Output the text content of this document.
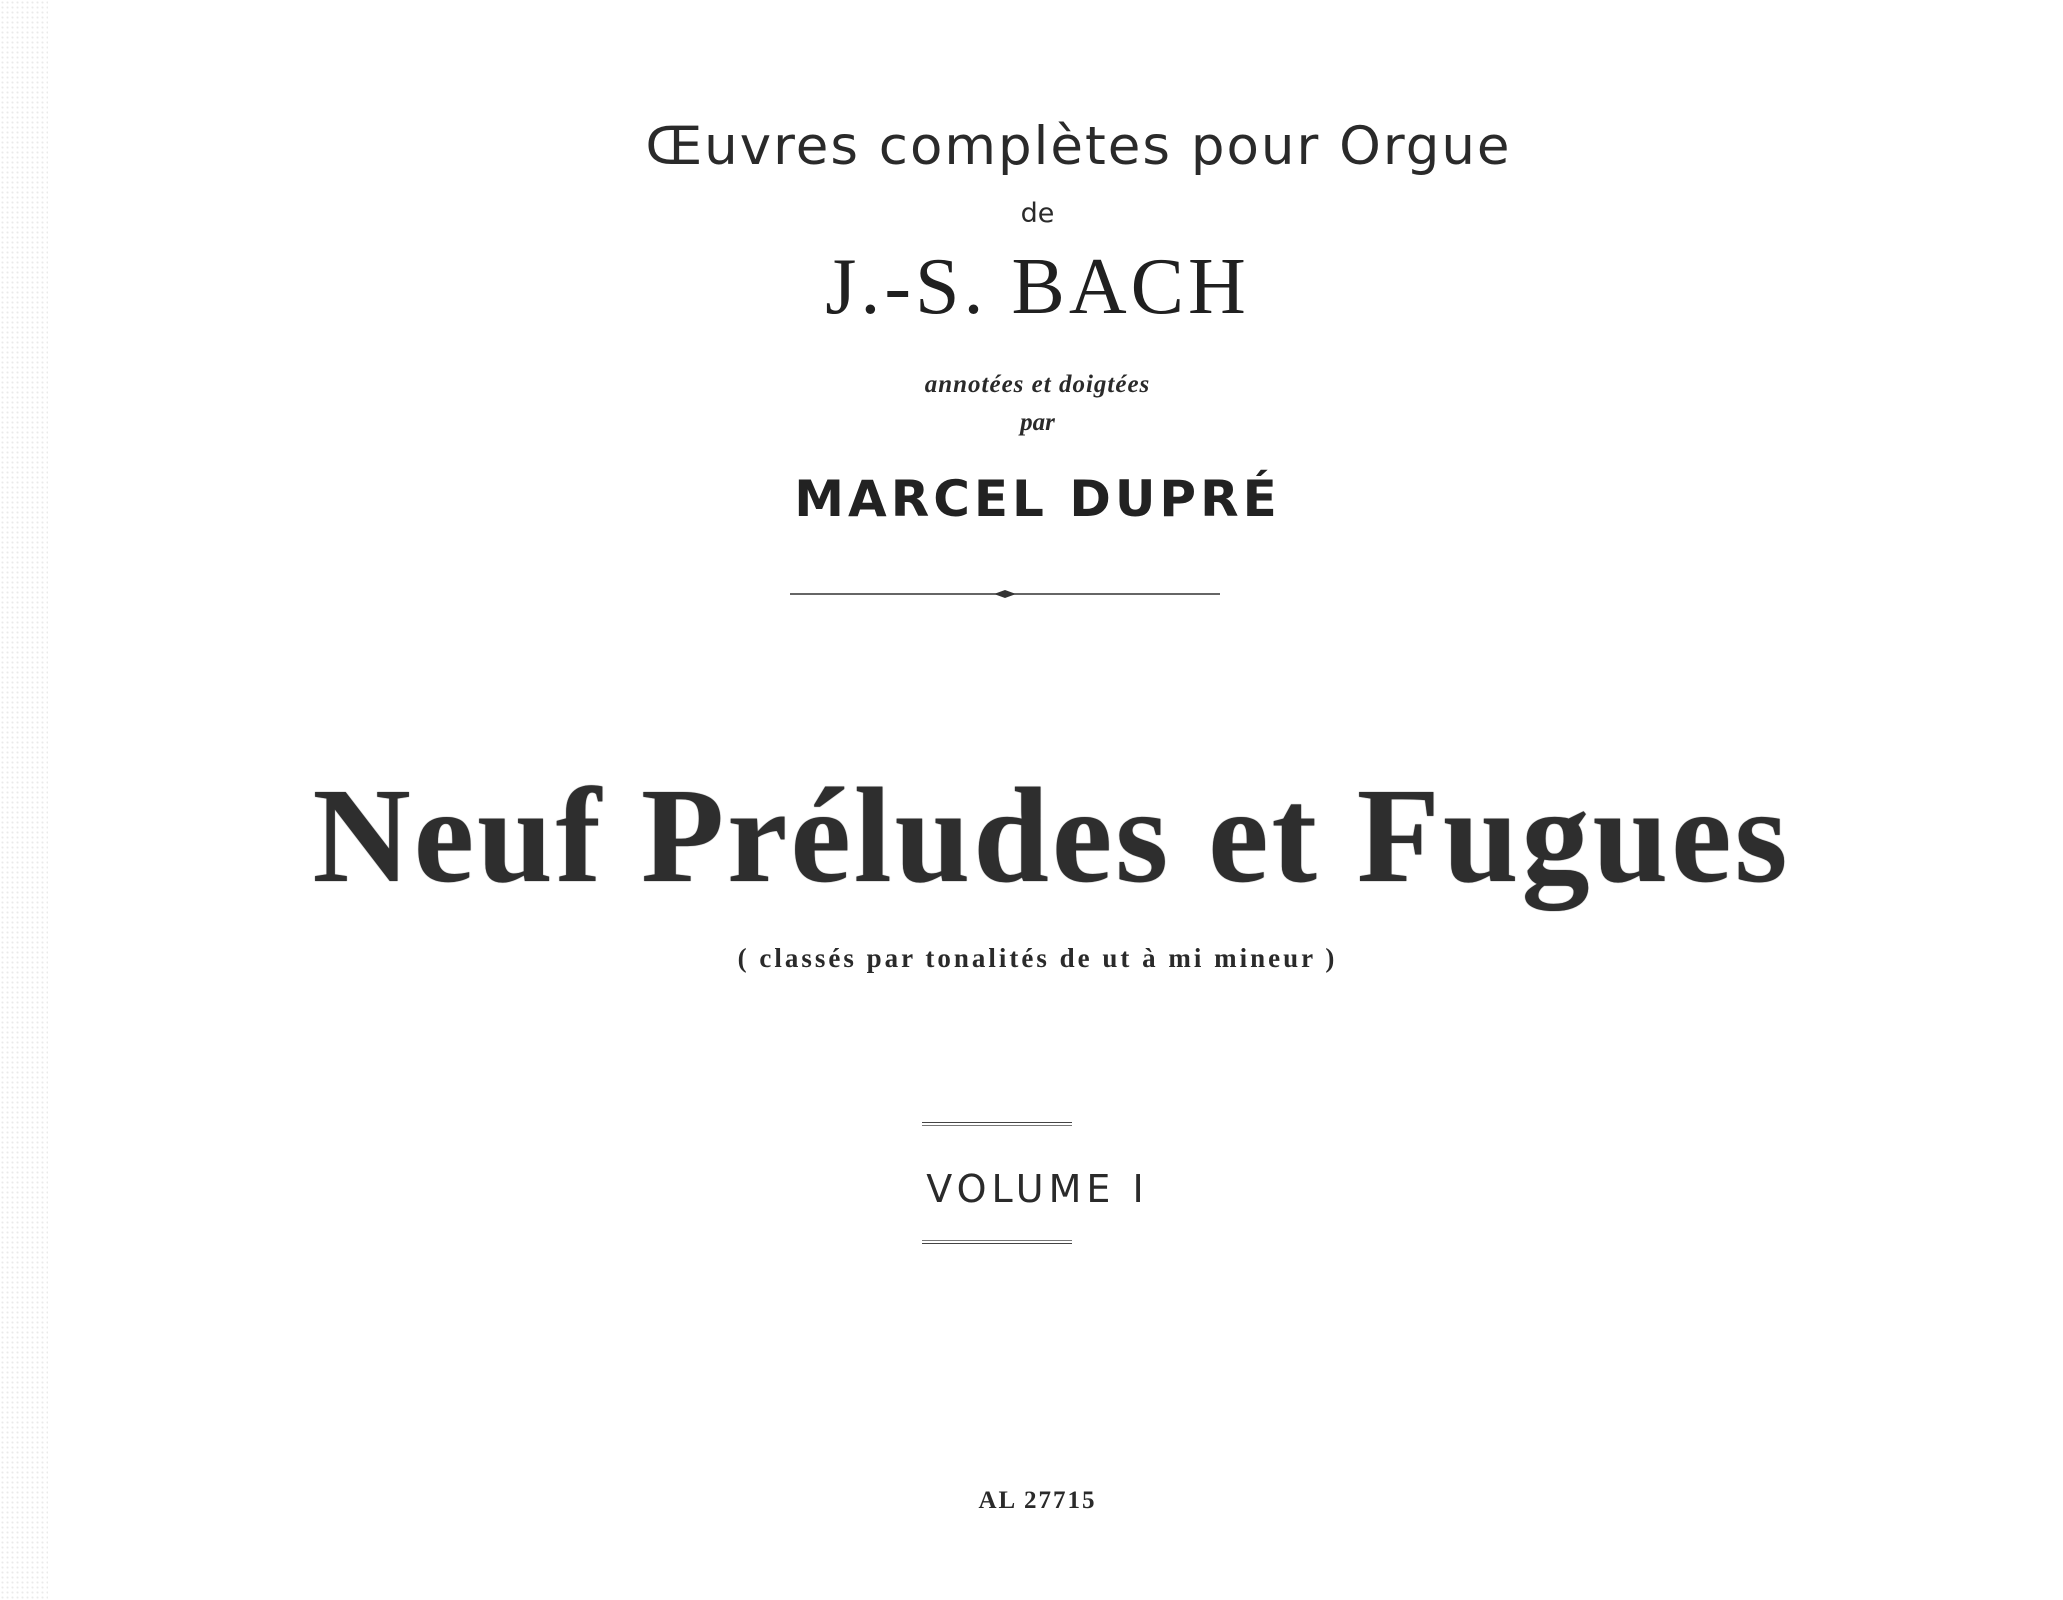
Œuvres complètes pour Orgue
de
J.-S. BACH
annotées et doigtées
par
MARCEL DUPRÉ
Neuf Préludes et Fugues
( classés par tonalités de ut à mi mineur )
VOLUME I
AL 27715
